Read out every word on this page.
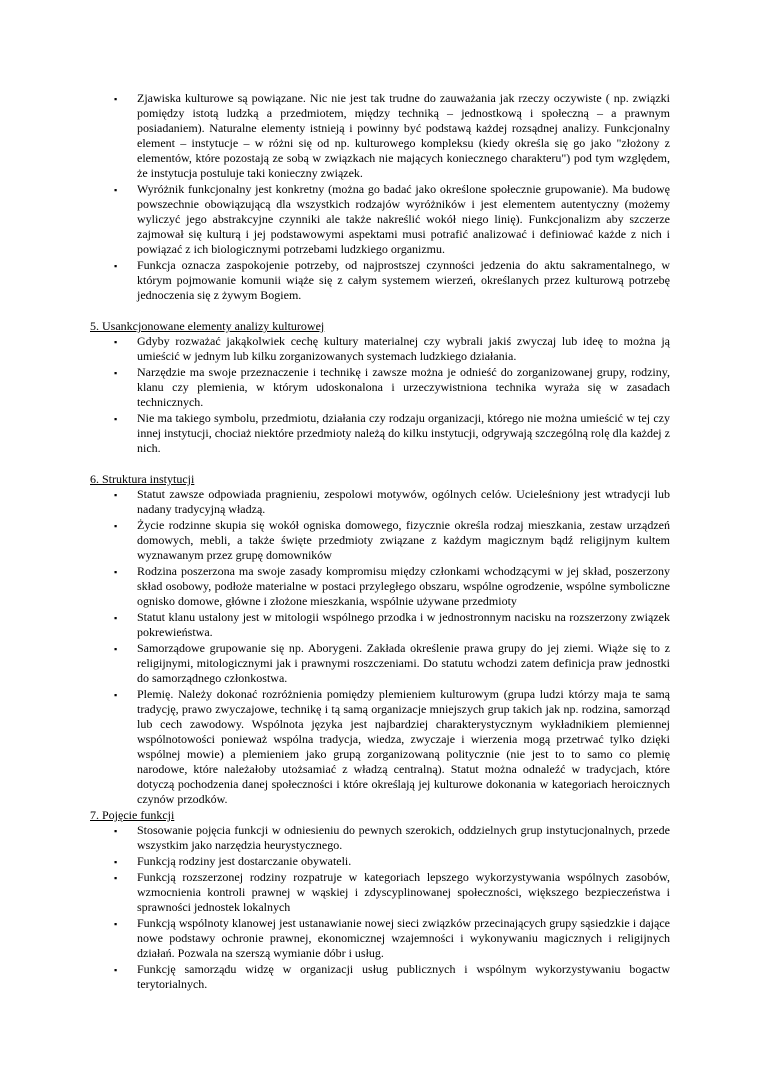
▪ Zjawiska kulturowe są powiązane. Nic nie jest tak trudne do zauważania jak rzeczy oczywiste ( np. związki pomiędzy istotą ludzką a przedmiotem, między techniką – jednostkową i społeczną – a prawnym posiadaniem). Naturalne elementy istnieją i powinny być podstawą każdej rozsądnej analizy. Funkcjonalny element – instytucje – w różni się od np. kulturowego kompleksu (kiedy określa się go jako "złożony z elementów, które pozostają ze sobą w związkach nie mających koniecznego charakteru") pod tym względem, że instytucja postuluje taki konieczny związek.
▪ Wyróżnik funkcjonalny jest konkretny (można go badać jako określone społecznie grupowanie). Ma budowę powszechnie obowiązującą dla wszystkich rodzajów wyróżników i jest elementem autentyczny (możemy wyliczyć jego abstrakcyjne czynniki ale także nakreślić wokół niego linię). Funkcjonalizm aby szczerze zajmował się kulturą i jej podstawowymi aspektami musi potrafić analizować i definiować każde z nich i powiązać z ich biologicznymi potrzebami ludzkiego organizmu.
▪ Funkcja oznacza zaspokojenie potrzeby, od najprostszej czynności jedzenia do aktu sakramentalnego, w którym pojmowanie komunii wiąże się z całym systemem wierzeń, określanych przez kulturową potrzebę jednoczenia się z żywym Bogiem.
5. Usankcjonowane elementy analizy kulturowej
▪ Gdyby rozważać jakąkolwiek cechę kultury materialnej czy wybrali jakiś zwyczaj lub ideę to można ją umieścić w jednym lub kilku zorganizowanych systemach ludzkiego działania.
▪ Narzędzie ma swoje przeznaczenie i technikę i zawsze można je odnieść do zorganizowanej grupy, rodziny, klanu czy plemienia, w którym udoskonalona i urzeczywistniona technika wyraża się w zasadach technicznych.
▪ Nie ma takiego symbolu, przedmiotu, działania czy rodzaju organizacji, którego nie można umieścić w tej czy innej instytucji, chociaż niektóre przedmioty należą do kilku instytucji, odgrywają szczególną rolę dla każdej z nich.
6. Struktura instytucji
▪ Statut zawsze odpowiada pragnieniu, zespolowi motywów, ogólnych celów. Ucieleśniony jest wtradycji lub nadany tradycyjną władzą.
▪ Życie rodzinne skupia się wokół ogniska domowego, fizycznie określa rodzaj mieszkania, zestaw urządzeń domowych, mebli, a także święte przedmioty związane z każdym magicznym bądź religijnym kultem wyznawanym przez grupę domowników
▪ Rodzina poszerzona ma swoje zasady kompromisu między członkami wchodzącymi w jej skład, poszerzony skład osobowy, podłoże materialne w postaci przyległego obszaru, wspólne ogrodzenie, wspólne symboliczne ognisko domowe, główne i złożone mieszkania, wspólnie używane przedmioty
▪ Statut klanu ustalony jest w mitologii wspólnego przodka i w jednostronnym nacisku na rozszerzony związek pokrewieństwa.
▪ Samorządowe grupowanie się np. Aborygeni. Zakłada określenie prawa grupy do jej ziemi. Wiąże się to z religijnymi, mitologicznymi jak i prawnymi roszczeniami. Do statutu wchodzi zatem definicja praw jednostki do samorządnego członkostwa.
▪ Plemię. Należy dokonać rozróżnienia pomiędzy plemieniem kulturowym (grupa ludzi którzy maja te samą tradycję, prawo zwyczajowe, technikę i tą samą organizacje mniejszych grup takich jak np. rodzina, samorząd lub cech zawodowy. Wspólnota języka jest najbardziej charakterystycznym wykładnikiem plemiennej wspólnotowości ponieważ wspólna tradycja, wiedza, zwyczaje i wierzenia mogą przetrwać tylko dzięki wspólnej mowie) a plemieniem jako grupą zorganizowaną politycznie (nie jest to to samo co plemię narodowe, które należałoby utożsamiać z władzą centralną). Statut można odnaleźć w tradycjach, które dotyczą pochodzenia danej społeczności i które określają jej kulturowe dokonania w kategoriach heroicznych czynów przodków.
7. Pojęcie funkcji
▪ Stosowanie pojęcia funkcji w odniesieniu do pewnych szerokich, oddzielnych grup instytucjonalnych, przede wszystkim jako narzędzia heurystycznego.
▪ Funkcją rodziny jest dostarczanie obywateli.
▪ Funkcją rozszerzonej rodziny rozpatruje w kategoriach lepszego wykorzystywania wspólnych zasobów, wzmocnienia kontroli prawnej w wąskiej i zdyscyplinowanej społeczności, większego bezpieczeństwa i sprawności jednostek lokalnych
▪ Funkcją wspólnoty klanowej jest ustanawianie nowej sieci związków przecinających grupy sąsiedzkie i dające nowe podstawy ochronie prawnej, ekonomicznej wzajemności i wykonywaniu magicznych i religijnych działań. Pozwala na szerszą wymianie dóbr i usług.
▪ Funkcję samorządu widzę w organizacji usług publicznych i wspólnym wykorzystywaniu bogactw terytorialnych.
